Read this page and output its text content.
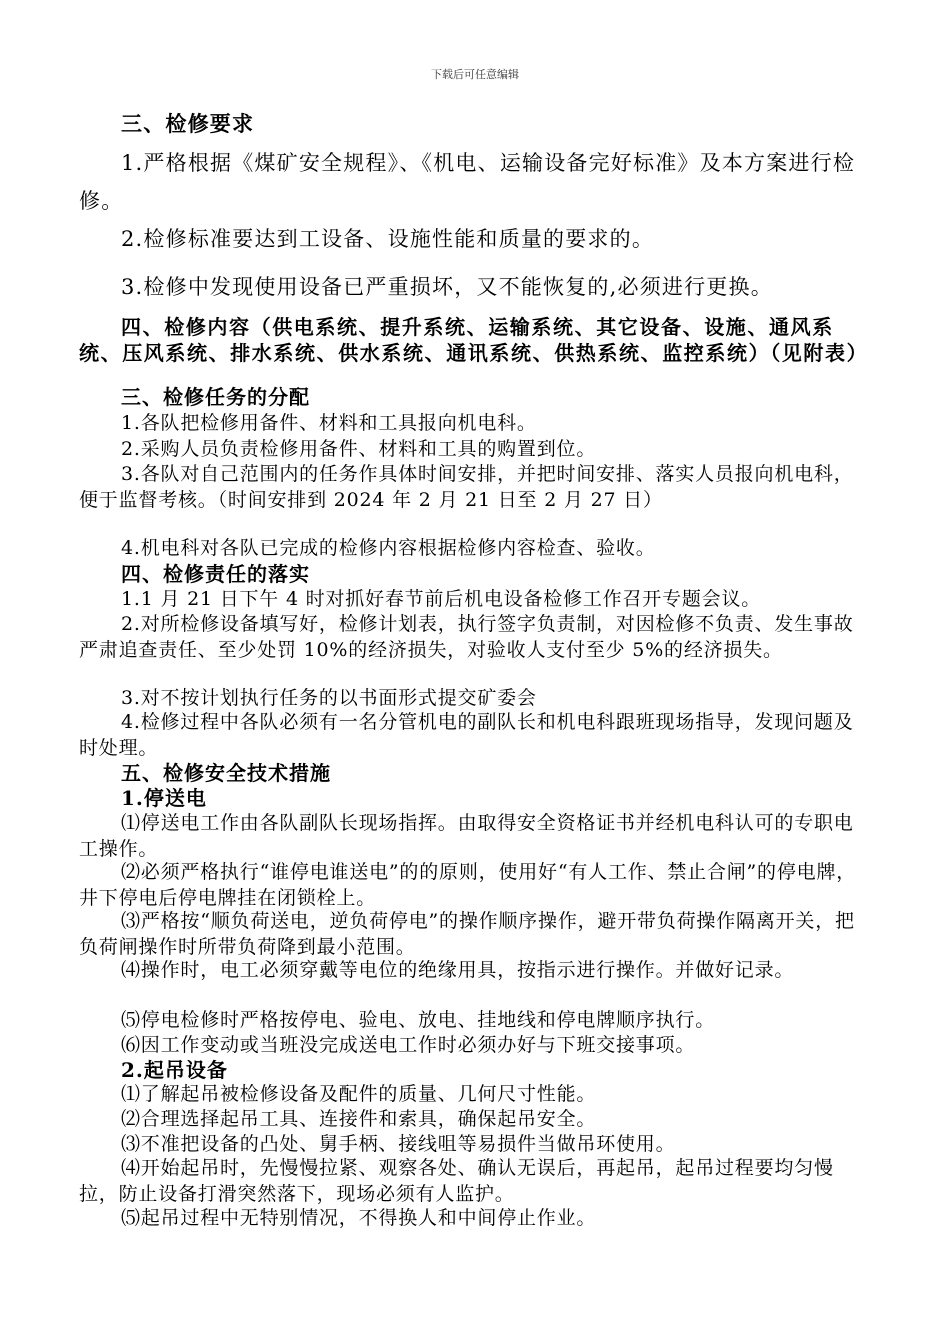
下载后可任意编辑

三、检修要求

1.严格根据《煤矿安全规程》、《机电、运输设备完好标准》及本方案进行检修。

2.检修标准要达到工设备、设施性能和质量的要求的。

3.检修中发现使用设备已严重损坏，又不能恢复的,必须进行更换。

四、检修内容（供电系统、提升系统、运输系统、其它设备、设施、通风系统、压风系统、排水系统、供水系统、通讯系统、供热系统、监控系统）（见附表）

三、检修任务的分配

1.各队把检修用备件、材料和工具报向机电科。

2.采购人员负责检修用备件、材料和工具的购置到位。

3.各队对自己范围内的任务作具体时间安排，并把时间安排、落实人员报向机电科，便于监督考核。（时间安排到 2024 年 2 月 21 日至 2 月 27 日）

4.机电科对各队已完成的检修内容根据检修内容检查、验收。

四、检修责任的落实

1.1 月 21 日下午 4 时对抓好春节前后机电设备检修工作召开专题会议。

2.对所检修设备填写好，检修计划表，执行签字负责制，对因检修不负责、发生事故严肃追查责任、至少处罚 10%的经济损失，对验收人支付至少 5%的经济损失。

3.对不按计划执行任务的以书面形式提交矿委会

4.检修过程中各队必须有一名分管机电的副队长和机电科跟班现场指导，发现问题及时处理。

五、检修安全技术措施

1.停送电

⑴停送电工作由各队副队长现场指挥。由取得安全资格证书并经机电科认可的专职电工操作。

⑵必须严格执行“谁停电谁送电”的的原则，使用好“有人工作、禁止合闸”的停电牌，井下停电后停电牌挂在闭锁栓上。

⑶严格按“顺负荷送电，逆负荷停电”的操作顺序操作，避开带负荷操作隔离开关，把负荷闸操作时所带负荷降到最小范围。

⑷操作时，电工必须穿戴等电位的绝缘用具，按指示进行操作。并做好记录。

⑸停电检修时严格按停电、验电、放电、挂地线和停电牌顺序执行。

⑹因工作变动或当班没完成送电工作时必须办好与下班交接事项。

2.起吊设备

⑴了解起吊被检修设备及配件的质量、几何尺寸性能。

⑵合理选择起吊工具、连接件和索具，确保起吊安全。

⑶不准把设备的凸处、舅手柄、接线咀等易损件当做吊环使用。

⑷开始起吊时，先慢慢拉紧、观察各处、确认无误后，再起吊，起吊过程要均匀慢拉，防止设备打滑突然落下，现场必须有人监护。

⑸起吊过程中无特别情况，不得换人和中间停止作业。
